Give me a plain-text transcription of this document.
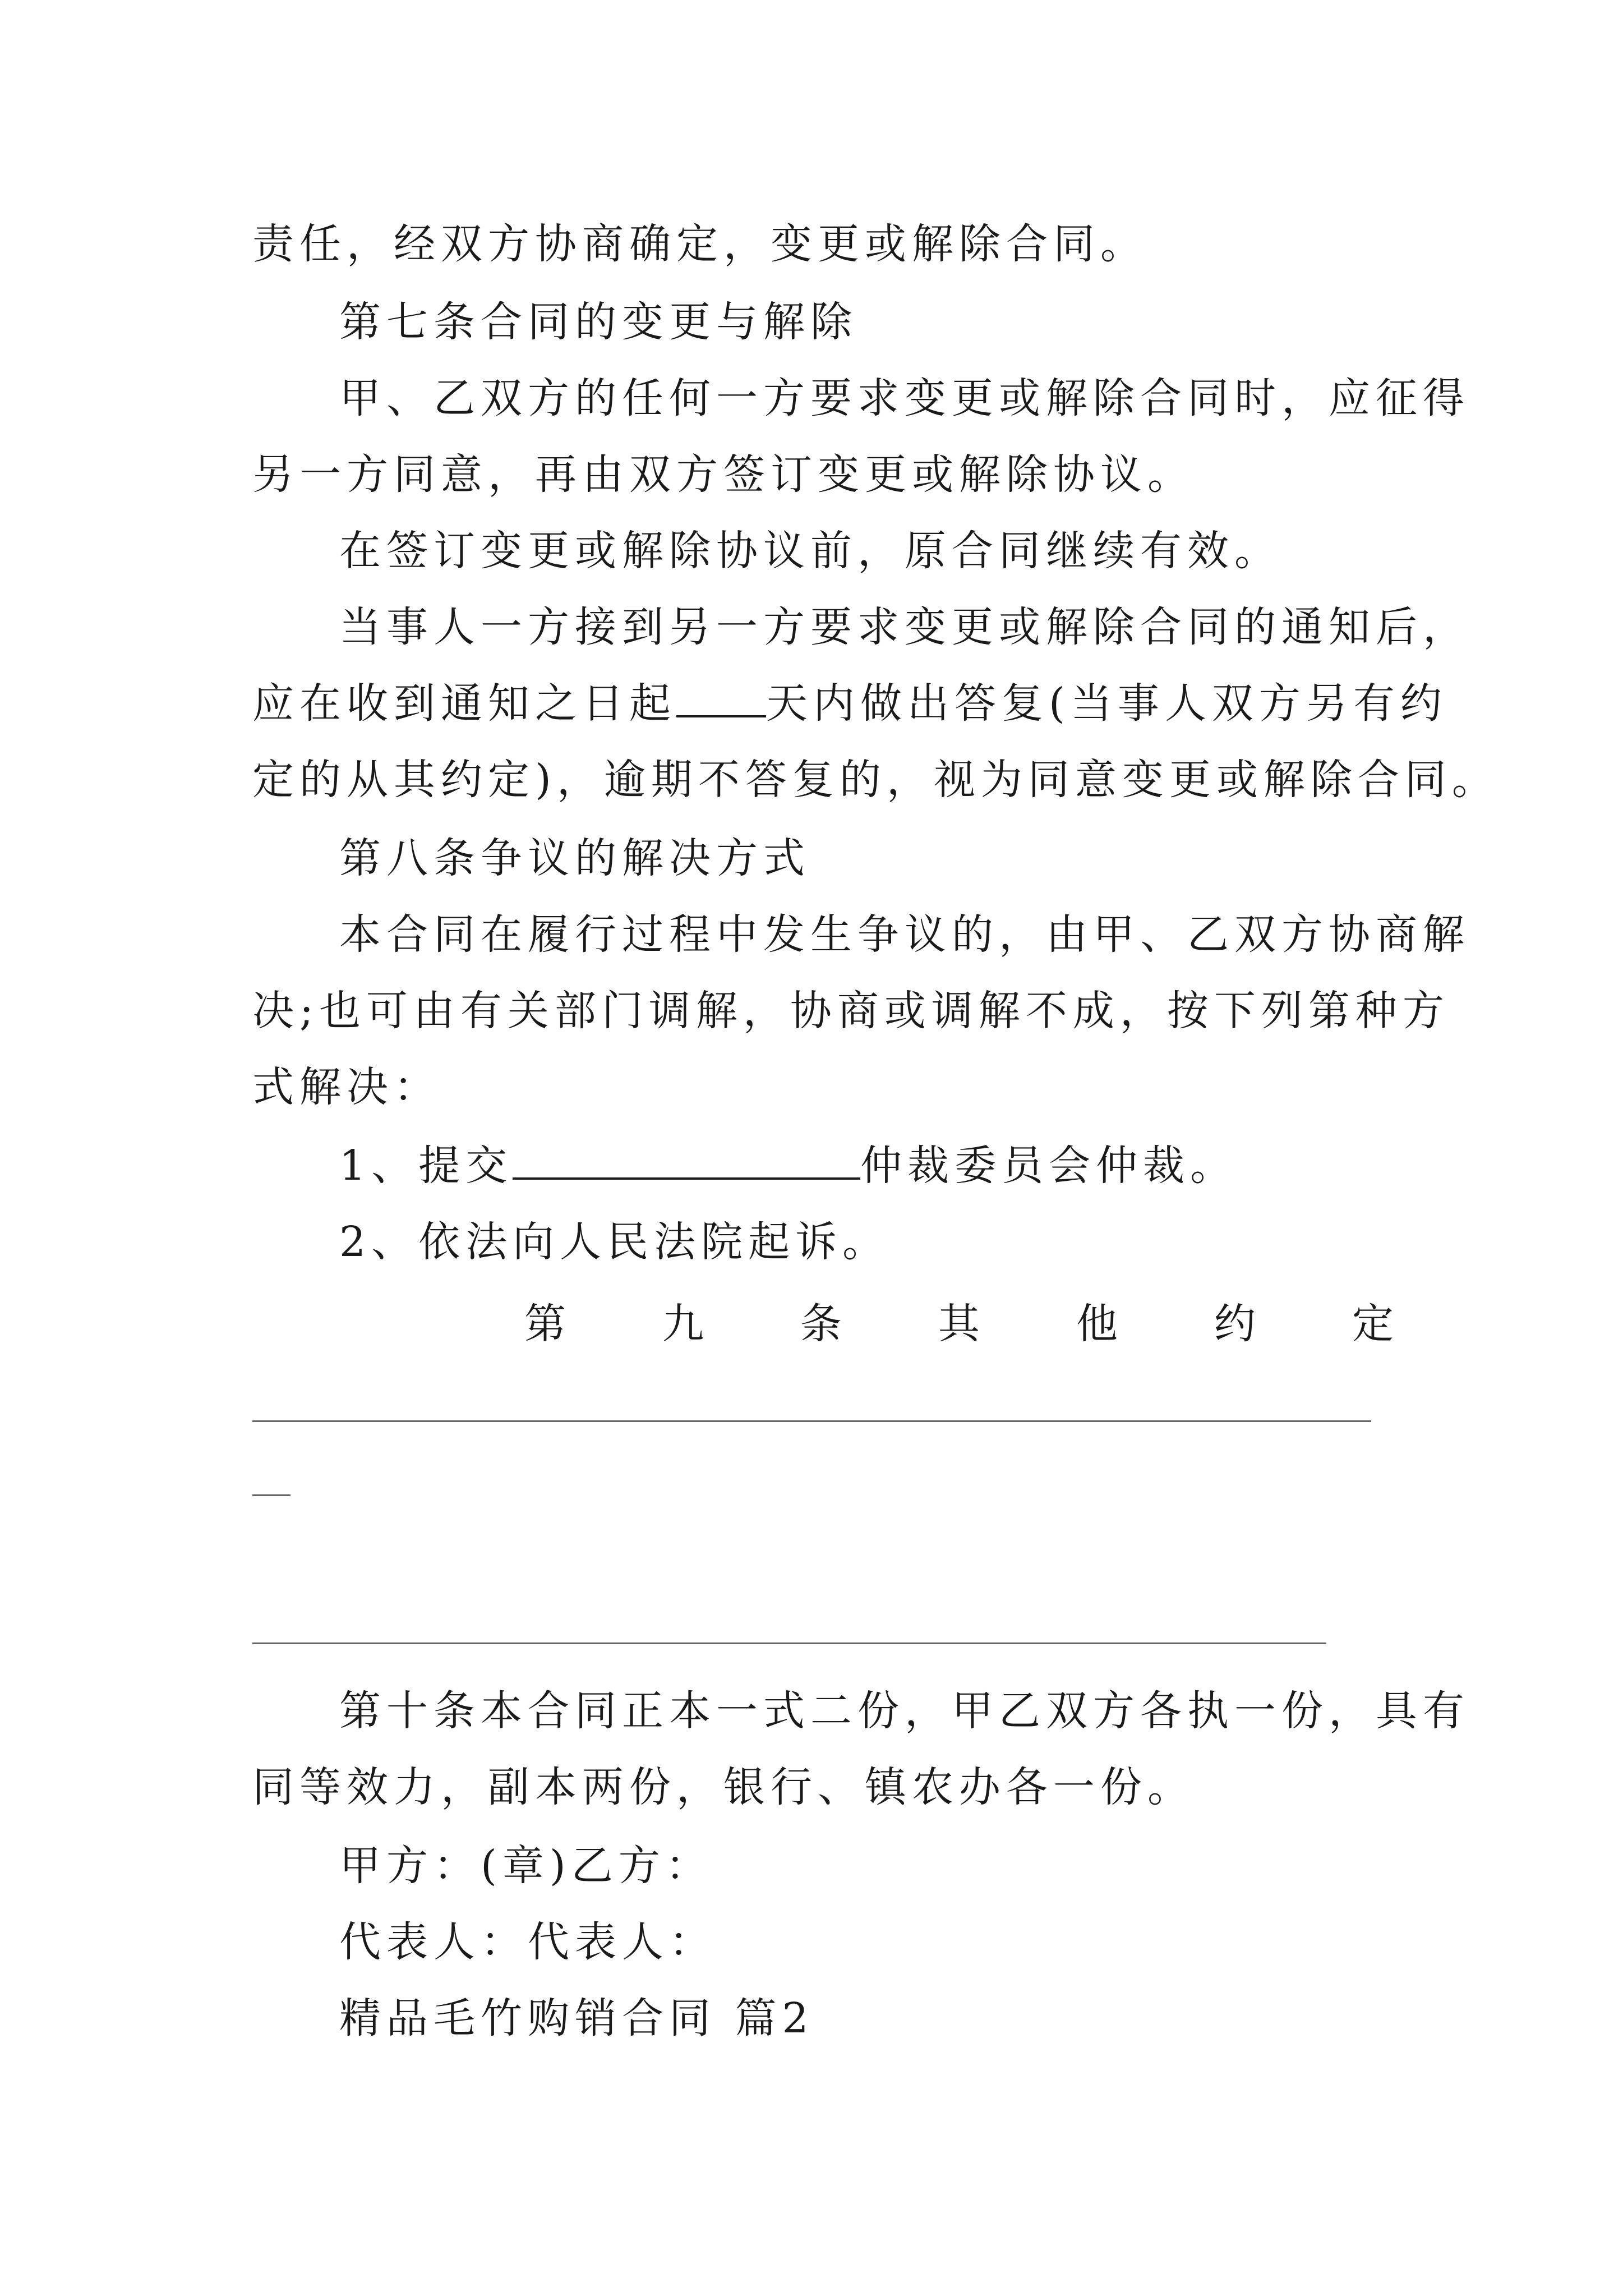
责任，经双方协商确定，变更或解除合同。
第七条合同的变更与解除
甲、乙双方的任何一方要求变更或解除合同时，应征得
另一方同意，再由双方签订变更或解除协议。
在签订变更或解除协议前，原合同继续有效。
当事人一方接到另一方要求变更或解除合同的通知后，
应在收到通知之日起 天内做出答复(当事人双方另有约
定的从其约定)，逾期不答复的，视为同意变更或解除合同。
第八条争议的解决方式
本合同在履行过程中发生争议的，由甲、乙双方协商解
决;也可由有关部门调解，协商或调解不成，按下列第种方
式解决：
1、提交	仲裁委员会仲裁。
2、依法向人民法院起诉。
第 九 条 其 他 约 定
第十条本合同正本一式二份，甲乙双方各执一份，具有
同等效力，副本两份，银行、镇农办各一份。
甲方：(章)乙方：
代表人：代表人：
精品毛竹购销合同 篇2
